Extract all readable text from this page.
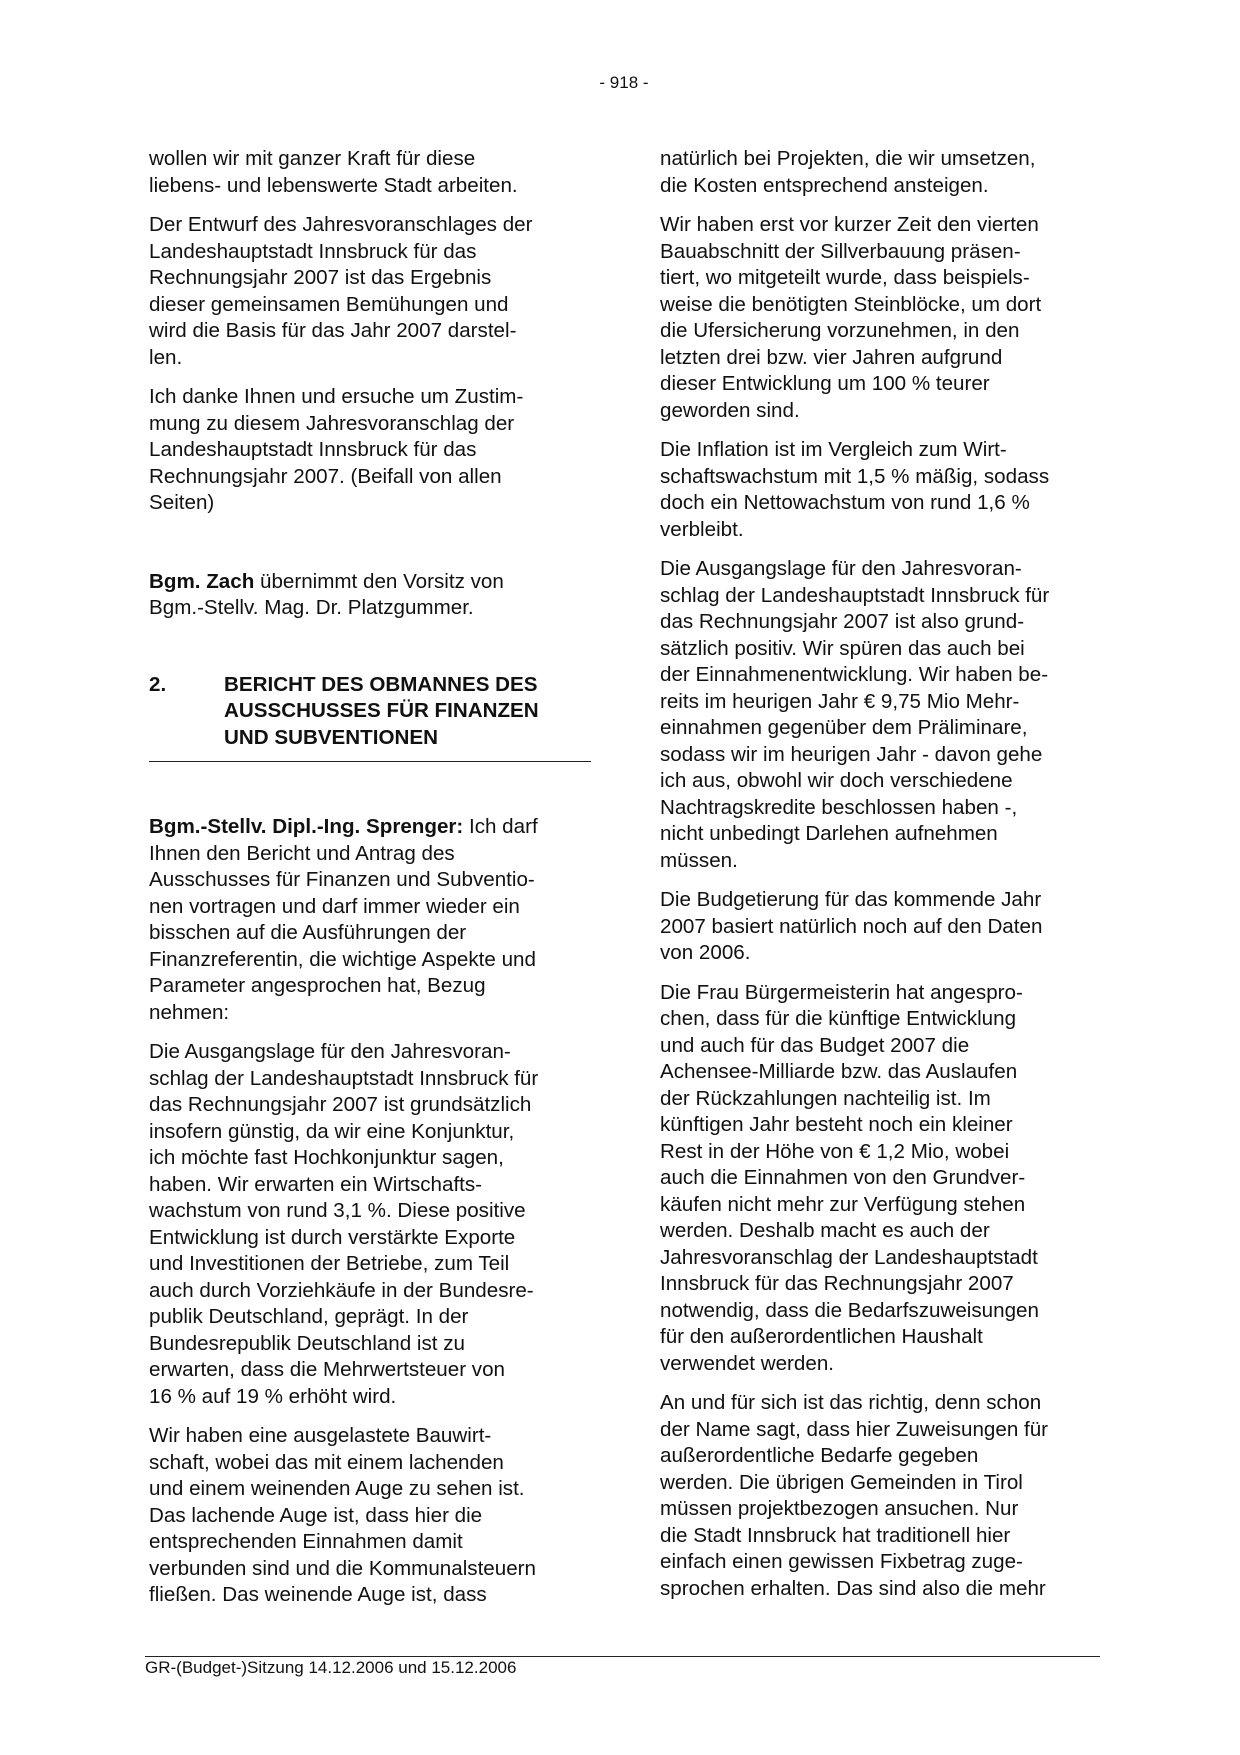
- 918 -

wollen wir mit ganzer Kraft für diese
liebens- und lebenswerte Stadt arbeiten.

Der Entwurf des Jahresvoranschlages der
Landeshauptstadt Innsbruck für das
Rechnungsjahr 2007 ist das Ergebnis
dieser gemeinsamen Bemühungen und
wird die Basis für das Jahr 2007 darstel-
len.

Ich danke Ihnen und ersuche um Zustim-
mung zu diesem Jahresvoranschlag der
Landeshauptstadt Innsbruck für das
Rechnungsjahr 2007. (Beifall von allen
Seiten)

Bgm. Zach übernimmt den Vorsitz von
Bgm.-Stellv. Mag. Dr. Platzgummer.

2.	BERICHT DES OBMANNES DES
AUSSCHUSSES FÜR FINANZEN
UND SUBVENTIONEN

Bgm.-Stellv. Dipl.-Ing. Sprenger: Ich darf
Ihnen den Bericht und Antrag des
Ausschusses für Finanzen und Subventio-
nen vortragen und darf immer wieder ein
bisschen auf die Ausführungen der
Finanzreferentin, die wichtige Aspekte und
Parameter angesprochen hat, Bezug
nehmen:

Die Ausgangslage für den Jahresvoran-
schlag der Landeshauptstadt Innsbruck für
das Rechnungsjahr 2007 ist grundsätzlich
insofern günstig, da wir eine Konjunktur,
ich möchte fast Hochkonjunktur sagen,
haben. Wir erwarten ein Wirtschafts-
wachstum von rund 3,1 %. Diese positive
Entwicklung ist durch verstärkte Exporte
und Investitionen der Betriebe, zum Teil
auch durch Vorziehkäufe in der Bundesre-
publik Deutschland, geprägt. In der
Bundesrepublik Deutschland ist zu
erwarten, dass die Mehrwertsteuer von
16 % auf 19 % erhöht wird.

Wir haben eine ausgelastete Bauwirt-
schaft, wobei das mit einem lachenden
und einem weinenden Auge zu sehen ist.
Das lachende Auge ist, dass hier die
entsprechenden Einnahmen damit
verbunden sind und die Kommunalsteuern
fließen. Das weinende Auge ist, dass

natürlich bei Projekten, die wir umsetzen,
die Kosten entsprechend ansteigen.

Wir haben erst vor kurzer Zeit den vierten
Bauabschnitt der Sillverbauung präsen-
tiert, wo mitgeteilt wurde, dass beispiels-
weise die benötigten Steinblöcke, um dort
die Ufersicherung vorzunehmen, in den
letzten drei bzw. vier Jahren aufgrund
dieser Entwicklung um 100 % teurer
geworden sind.

Die Inflation ist im Vergleich zum Wirt-
schaftswachstum mit 1,5 % mäßig, sodass
doch ein Nettowachstum von rund 1,6 %
verbleibt.

Die Ausgangslage für den Jahresvoran-
schlag der Landeshauptstadt Innsbruck für
das Rechnungsjahr 2007 ist also grund-
sätzlich positiv. Wir spüren das auch bei
der Einnahmenentwicklung. Wir haben be-
reits im heurigen Jahr € 9,75 Mio Mehr-
einnahmen gegenüber dem Präliminare,
sodass wir im heurigen Jahr - davon gehe
ich aus, obwohl wir doch verschiedene
Nachtragskredite beschlossen haben -,
nicht unbedingt Darlehen aufnehmen
müssen.

Die Budgetierung für das kommende Jahr
2007 basiert natürlich noch auf den Daten
von 2006.

Die Frau Bürgermeisterin hat angespro-
chen, dass für die künftige Entwicklung
und auch für das Budget 2007 die
Achensee-Milliarde bzw. das Auslaufen
der Rückzahlungen nachteilig ist. Im
künftigen Jahr besteht noch ein kleiner
Rest in der Höhe von € 1,2 Mio, wobei
auch die Einnahmen von den Grundver-
käufen nicht mehr zur Verfügung stehen
werden. Deshalb macht es auch der
Jahresvoranschlag der Landeshauptstadt
Innsbruck für das Rechnungsjahr 2007
notwendig, dass die Bedarfszuweisungen
für den außerordentlichen Haushalt
verwendet werden.

An und für sich ist das richtig, denn schon
der Name sagt, dass hier Zuweisungen für
außerordentliche Bedarfe gegeben
werden. Die übrigen Gemeinden in Tirol
müssen projektbezogen ansuchen. Nur
die Stadt Innsbruck hat traditionell hier
einfach einen gewissen Fixbetrag zuge-
sprochen erhalten. Das sind also die mehr

GR-(Budget-)Sitzung 14.12.2006 und 15.12.2006
